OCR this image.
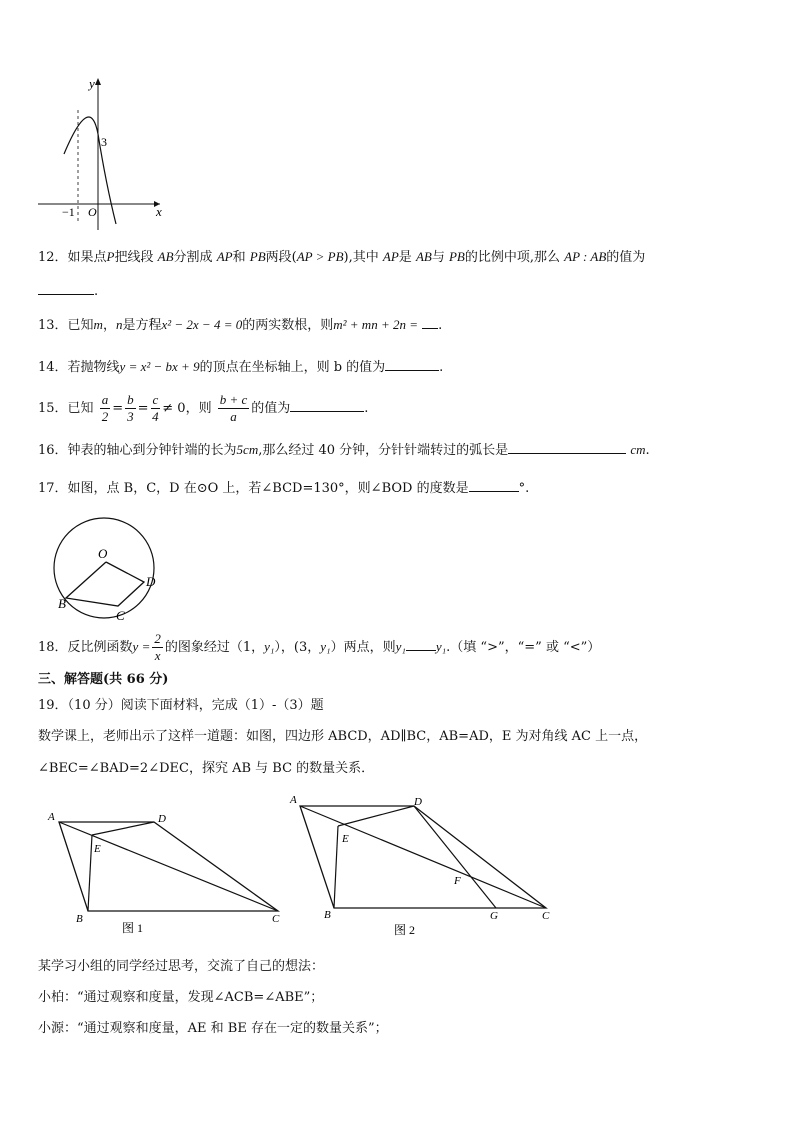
y
x
3
O
−1
12．如果点P把线段 AB分割成 AP和 PB两段(AP > PB),其中 AP是 AB与 PB的比例中项,那么 AP : AB的值为
.
13．已知m，n是方程x² − 2x − 4 = 0的两实数根，则m² + mn + 2n = .
14．若抛物线y = x² − bx + 9的顶点在坐标轴上，则 b 的值为	.
15．已知 $\frac{a}{2} = \frac{b}{3} = \frac{c}{4} \ne 0$，则 $\frac{b + c}{a}$ 的值为	.
16．钟表的轴心到分钟针端的长为5cm,那么经过 40 分钟，分针针端转过的弧长是	cm.
17．如图，点 B，C，D 在⊙O 上，若∠BCD=130°，则∠BOD 的度数是	°.
O
B
C
D
18．反比例函数$y = \frac{2}{x}$ 的图象经过（1，y₁），(3，y₁）两点，则y₁ y₁.（填 “>”，“=” 或 “<”）
三、解答题(共 66 分)
19．（10 分）阅读下面材料，完成（1）-（3）题
数学课上，老师出示了这样一道题：如图，四边形 ABCD，AD∥BC，AB=AD，E 为对角线 AC 上一点，
∠BEC=∠BAD=2∠DEC，探究 AB 与 BC 的数量关系．
A	D
E
B	C
图 1
A	D
E
F
B	G	C
图 2
某学习小组的同学经过思考，交流了自己的想法：
小柏：“通过观察和度量，发现∠ACB=∠ABE”；
小源：“通过观察和度量，AE 和 BE 存在一定的数量关系”；
